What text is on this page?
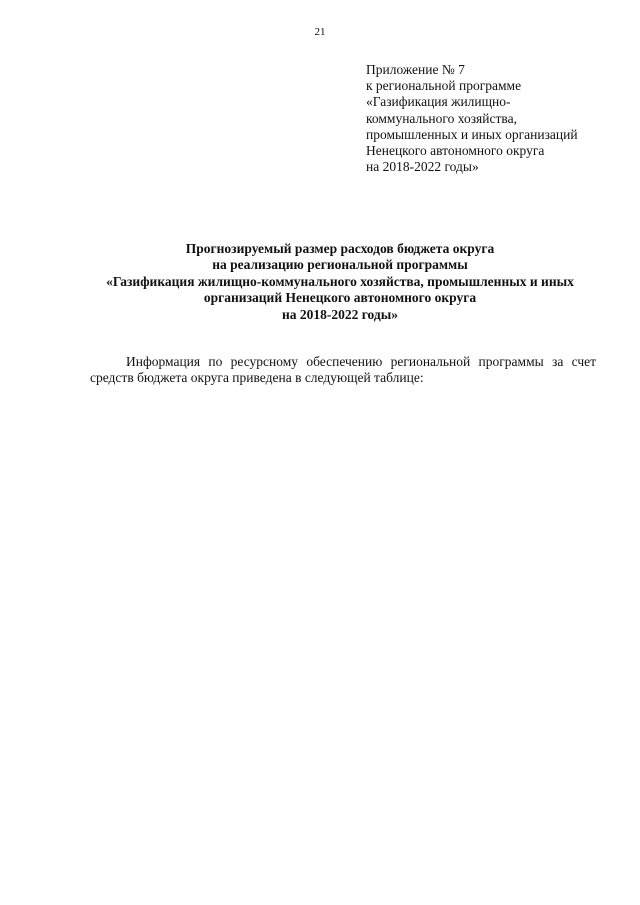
21
Приложение № 7
к региональной программе
«Газификация жилищно-
коммунального хозяйства,
промышленных и иных организаций
Ненецкого автономного округа
на 2018-2022 годы»
Прогнозируемый размер расходов бюджета округа
на реализацию региональной программы
«Газификация жилищно-коммунального хозяйства, промышленных и иных
организаций Ненецкого автономного округа
на 2018-2022 годы»
Информация по ресурсному обеспечению региональной программы за счет
средств бюджета округа приведена в следующей таблице:
